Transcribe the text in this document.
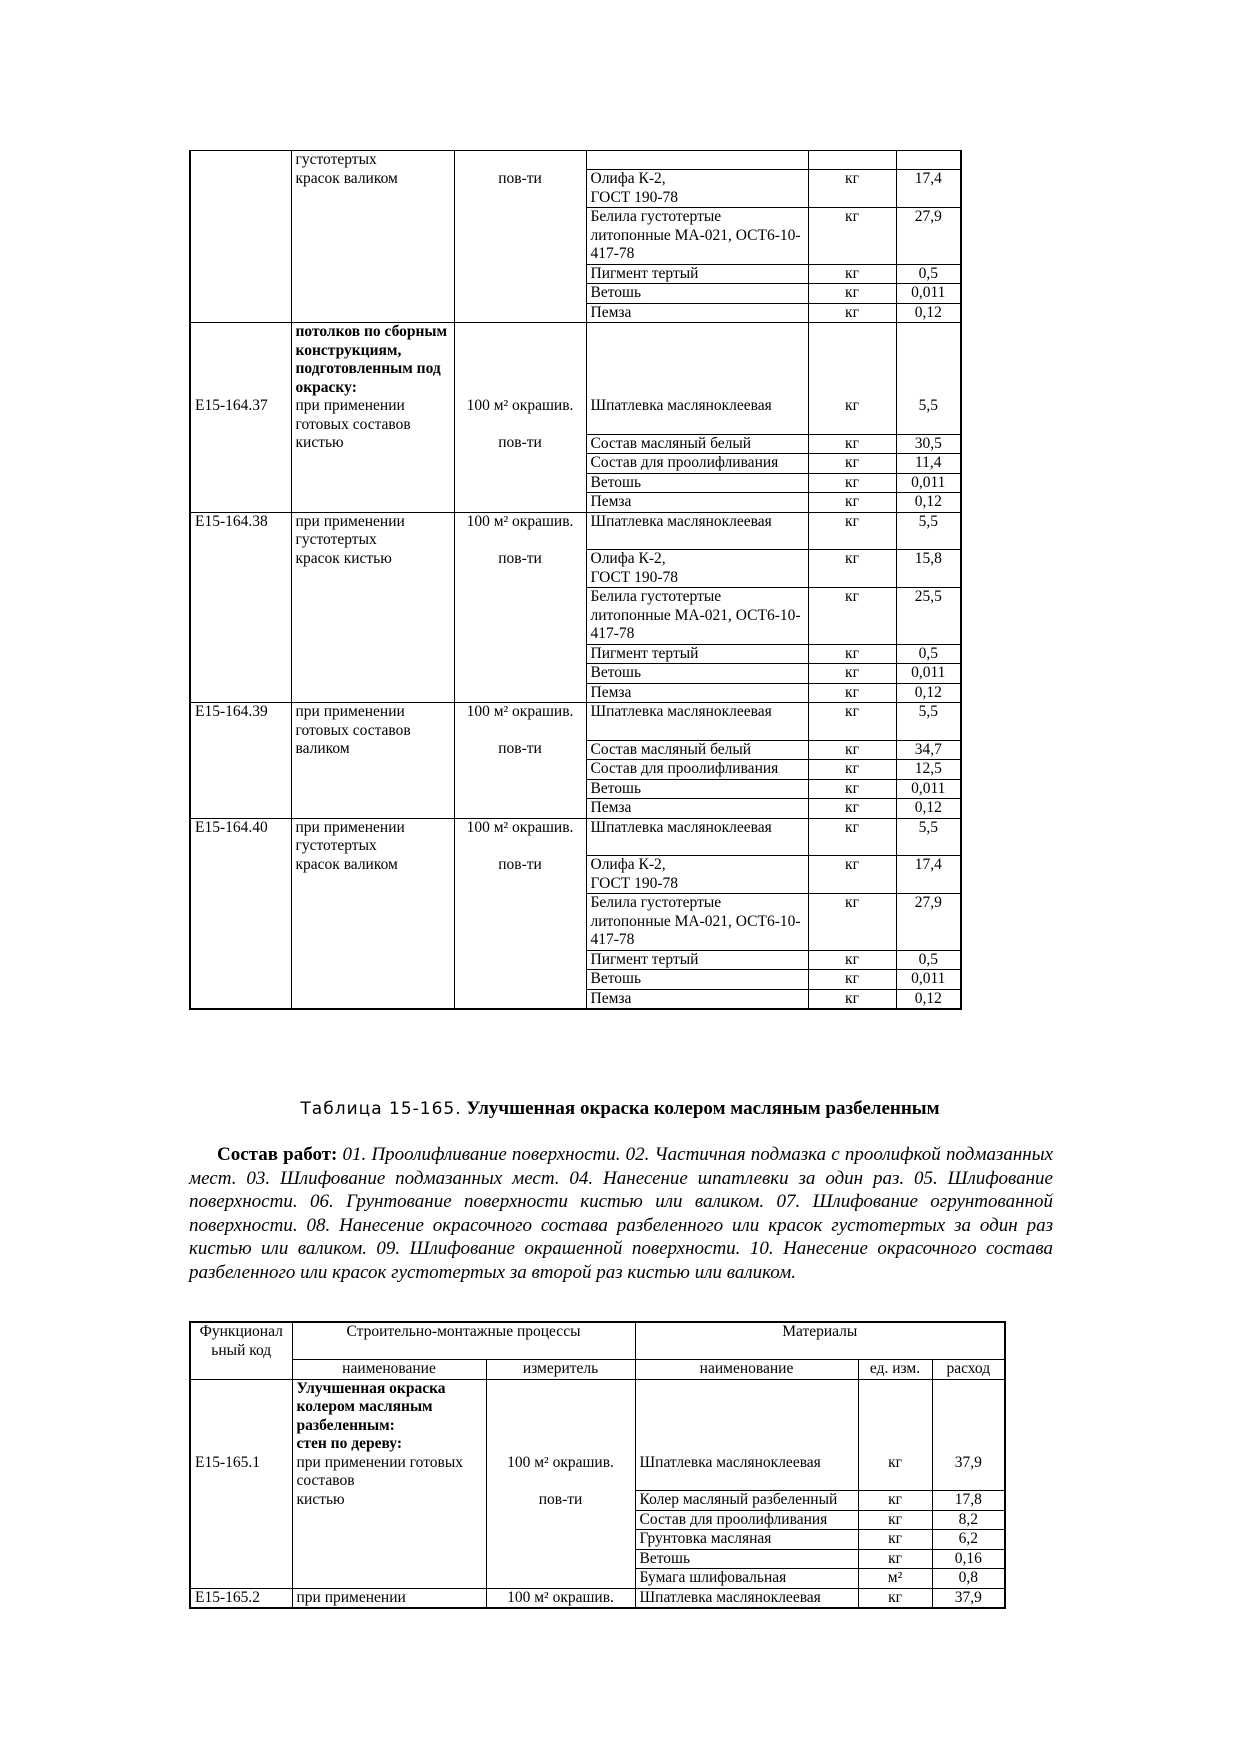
	густотертых				
	красок валиком	пов-ти	Олифа К-2,
ГОСТ 190-78	кг	17,4
			Белила густотертые литопонные МА-021, ОСТ6-10-417-78	кг	27,9
			Пигмент тертый	кг	0,5
			Ветошь	кг	0,011
			Пемза	кг	0,12
	потолков по сборным конструкциям, подготовленным под окраску:				
Е15-164.37	при применении готовых составов	100 м² окрашив.	Шпатлевка масляноклеевая	кг	5,5
	кистью	пов-ти	Состав масляный белый	кг	30,5
			Состав для проолифливания	кг	11,4
			Ветошь	кг	0,011
			Пемза	кг	0,12
Е15-164.38	при применении густотертых	100 м² окрашив.	Шпатлевка масляноклеевая	кг	5,5
	красок кистью	пов-ти	Олифа К-2,
ГОСТ 190-78	кг	15,8
			Белила густотертые литопонные МА-021, ОСТ6-10-417-78	кг	25,5
			Пигмент тертый	кг	0,5
			Ветошь	кг	0,011
			Пемза	кг	0,12
Е15-164.39	при применении готовых составов	100 м² окрашив.	Шпатлевка масляноклеевая	кг	5,5
	валиком	пов-ти	Состав масляный белый	кг	34,7
			Состав для проолифливания	кг	12,5
			Ветошь	кг	0,011
			Пемза	кг	0,12
Е15-164.40	при применении густотертых	100 м² окрашив.	Шпатлевка масляноклеевая	кг	5,5
	красок валиком	пов-ти	Олифа К-2,
ГОСТ 190-78	кг	17,4
			Белила густотертые литопонные МА-021, ОСТ6-10-417-78	кг	27,9
			Пигмент тертый	кг	0,5
			Ветошь	кг	0,011
			Пемза	кг	0,12
Таблица 15-165. Улучшенная окраска колером масляным разбеленным
Состав работ: 01. Проолифливание поверхности. 02. Частичная подмазка с проолифкой подмазанных мест. 03. Шлифование подмазанных мест. 04. Нанесение шпатлевки за один раз. 05. Шлифование поверхности. 06. Грунтование поверхности кистью или валиком. 07. Шлифование огрунтованной поверхности. 08. Нанесение окрасочного состава разбеленного или красок густотертых за один раз кистью или валиком. 09. Шлифование окрашенной поверхности. 10. Нанесение окрасочного состава разбеленного или красок густотертых за второй раз кистью или валиком.
Функционал ьный код	Строительно-монтажные процессы		Материалы		
	наименование	измеритель	наименование	ед. изм.	расход
	Улучшенная окраска колером масляным разбеленным:
стен по дереву:				
Е15-165.1	при применении готовых составов	100 м² окрашив.	Шпатлевка масляноклеевая	кг	37,9
	кистью	пов-ти	Колер масляный разбеленный	кг	17,8
			Состав для проолифливания	кг	8,2
			Грунтовка масляная	кг	6,2
			Ветошь	кг	0,16
			Бумага шлифовальная	м²	0,8
Е15-165.2	при применении	100 м² окрашив.	Шпатлевка масляноклеевая	кг	37,9
